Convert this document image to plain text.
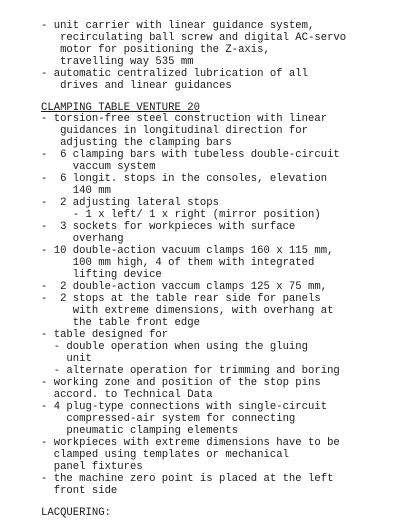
- unit carrier with linear guidance system,
recirculating ball screw and digital AC-servo
motor for positioning the Z-axis,
travelling way 535 mm
- automatic centralized lubrication of all
drives and linear guidances
CLAMPING TABLE VENTURE 20
- torsion-free steel construction with linear
guidances in longitudinal direction for
adjusting the clamping bars
-  6 clamping bars with tubeless double-circuit
vaccum system
-  6 longit. stops in the consoles, elevation
140 mm
-  2 adjusting lateral stops
- 1 x left/ 1 x right (mirror position)
-  3 sockets for workpieces with surface
overhang
- 10 double-action vacuum clamps 160 x 115 mm,
100 mm high, 4 of them with integrated
lifting device
-  2 double-action vaccum clamps 125 x 75 mm,
-  2 stops at the table rear side for panels
with extreme dimensions, with overhang at
the table front edge
- table designed for
- double operation when using the gluing
unit
- alternate operation for trimming and boring
- working zone and position of the stop pins
accord. to Technical Data
- 4 plug-type connections with single-circuit
compressed-air system for connecting
pneumatic clamping elements
- workpieces with extreme dimensions have to be
clamped using templates or mechanical
panel fixtures
- the machine zero point is placed at the left
front side
LACQUERING:
